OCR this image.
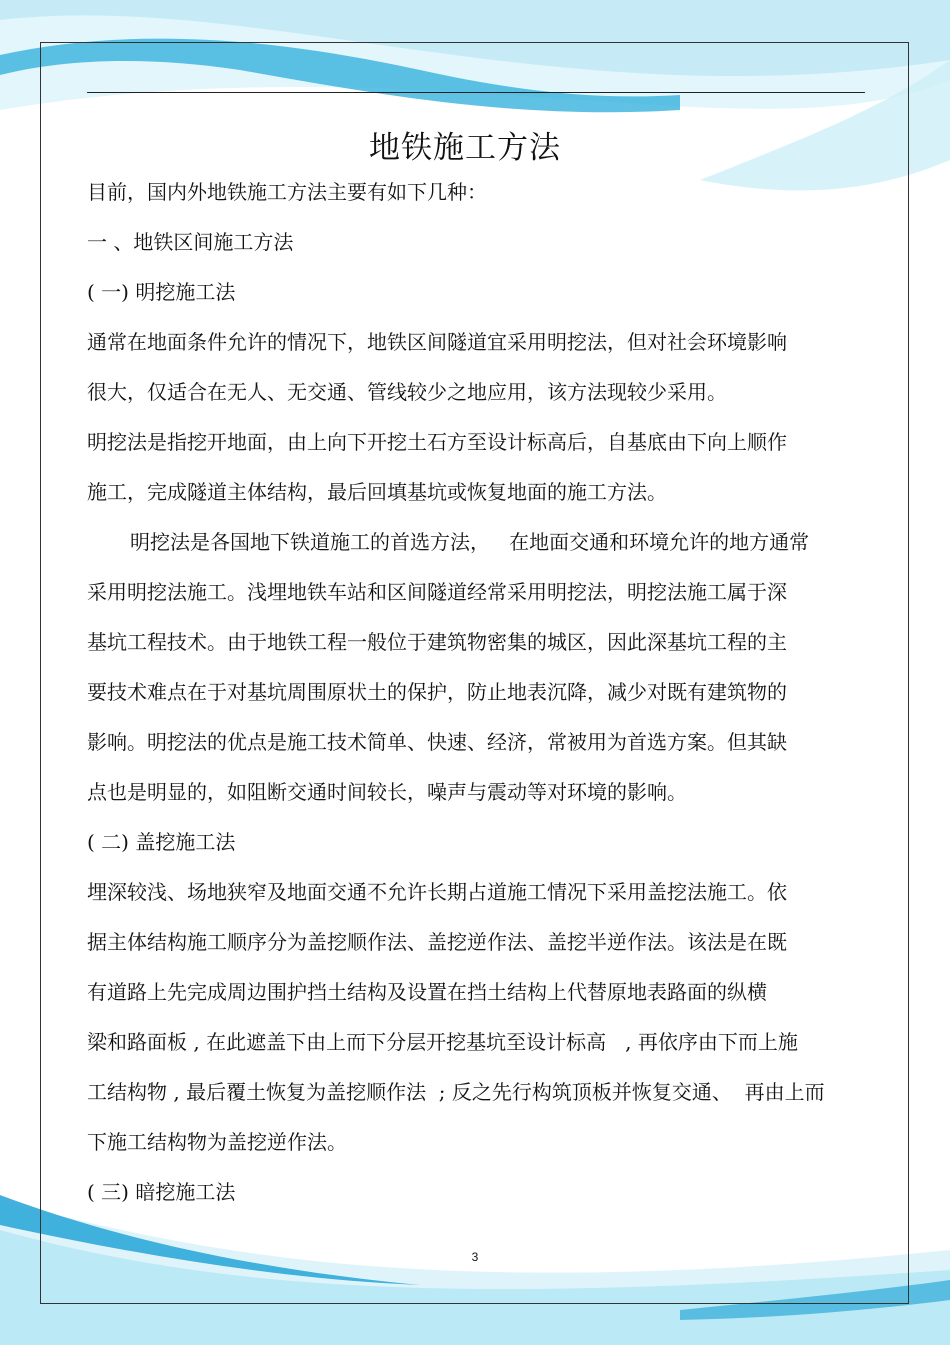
地铁施工方法
目前，国内外地铁施工方法主要有如下几种：
一 、地铁区间施工方法
( 一) 明挖施工法
通常在地面条件允许的情况下，地铁区间隧道宜采用明挖法，但对社会环境影响
很大，仅适合在无人、无交通、管线较少之地应用，该方法现较少采用。
明挖法是指挖开地面，由上向下开挖土石方至设计标高后，自基底由下向上顺作
施工，完成隧道主体结构，最后回填基坑或恢复地面的施工方法。
明挖法是各国地下铁道施工的首选方法，   在地面交通和环境允许的地方通常
采用明挖法施工。浅埋地铁车站和区间隧道经常采用明挖法，明挖法施工属于深
基坑工程技术。由于地铁工程一般位于建筑物密集的城区，因此深基坑工程的主
要技术难点在于对基坑周围原状土的保护，防止地表沉降，减少对既有建筑物的
影响。明挖法的优点是施工技术简单、快速、经济，常被用为首选方案。但其缺
点也是明显的，如阻断交通时间较长，噪声与震动等对环境的影响。
( 二) 盖挖施工法
埋深较浅、场地狭窄及地面交通不允许长期占道施工情况下采用盖挖法施工。依
据主体结构施工顺序分为盖挖顺作法、盖挖逆作法、盖挖半逆作法。该法是在既
有道路上先完成周边围护挡土结构及设置在挡土结构上代替原地表路面的纵横
梁和路面板 , 在此遮盖下由上而下分层开挖基坑至设计标高   , 再依序由下而上施
工结构物 , 最后覆土恢复为盖挖顺作法  ; 反之先行构筑顶板并恢复交通、  再由上而
下施工结构物为盖挖逆作法。
( 三) 暗挖施工法
3
